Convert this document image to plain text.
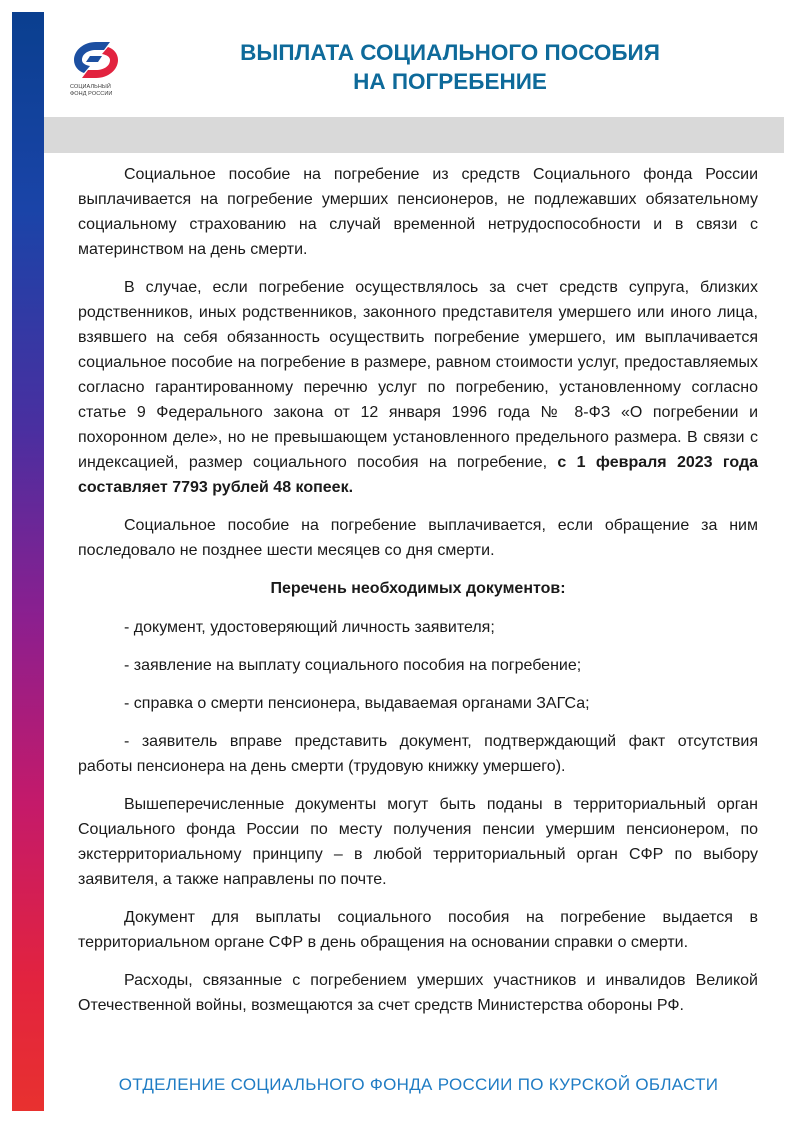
СОЦИАЛЬНЫЙ
ФОНД РОССИИ
ВЫПЛАТА СОЦИАЛЬНОГО ПОСОБИЯ
НА ПОГРЕБЕНИЕ

Социальное пособие на погребение из средств Социального фонда России выплачивается на погребение умерших пенсионеров, не подлежавших обязательному социальному страхованию на случай временной нетрудоспособности и в связи с материнством на день смерти.

В случае, если погребение осуществлялось за счет средств супруга, близких родственников, иных родственников, законного представителя умершего или иного лица, взявшего на себя обязанность осуществить погребение умершего, им выплачивается социальное пособие на погребение в размере, равном стоимости услуг, предоставляемых согласно гарантированному перечню услуг по погребению, установленному согласно статье 9 Федерального закона от 12 января 1996 года № 8-ФЗ «О погребении и похоронном деле», но не превышающем установленного предельного размера. В связи с индексацией, размер социального пособия на погребение, с 1 февраля 2023 года составляет 7793 рублей 48 копеек.

Социальное пособие на погребение выплачивается, если обращение за ним последовало не позднее шести месяцев со дня смерти.

Перечень необходимых документов:
- документ, удостоверяющий личность заявителя;
- заявление на выплату социального пособия на погребение;
- справка о смерти пенсионера, выдаваемая органами ЗАГСа;
- заявитель вправе представить документ, подтверждающий факт отсутствия работы пенсионера на день смерти (трудовую книжку умершего).

Вышеперечисленные документы могут быть поданы в территориальный орган Социального фонда России по месту получения пенсии умершим пенсионером, по экстерриториальному принципу – в любой территориальный орган СФР по выбору заявителя, а также направлены по почте.

Документ для выплаты социального пособия на погребение выдается в территориальном органе СФР в день обращения на основании справки о смерти.

Расходы, связанные с погребением умерших участников и инвалидов Великой Отечественной войны, возмещаются за счет средств Министерства обороны РФ.

ОТДЕЛЕНИЕ СОЦИАЛЬНОГО ФОНДА РОССИИ ПО КУРСКОЙ ОБЛАСТИ
